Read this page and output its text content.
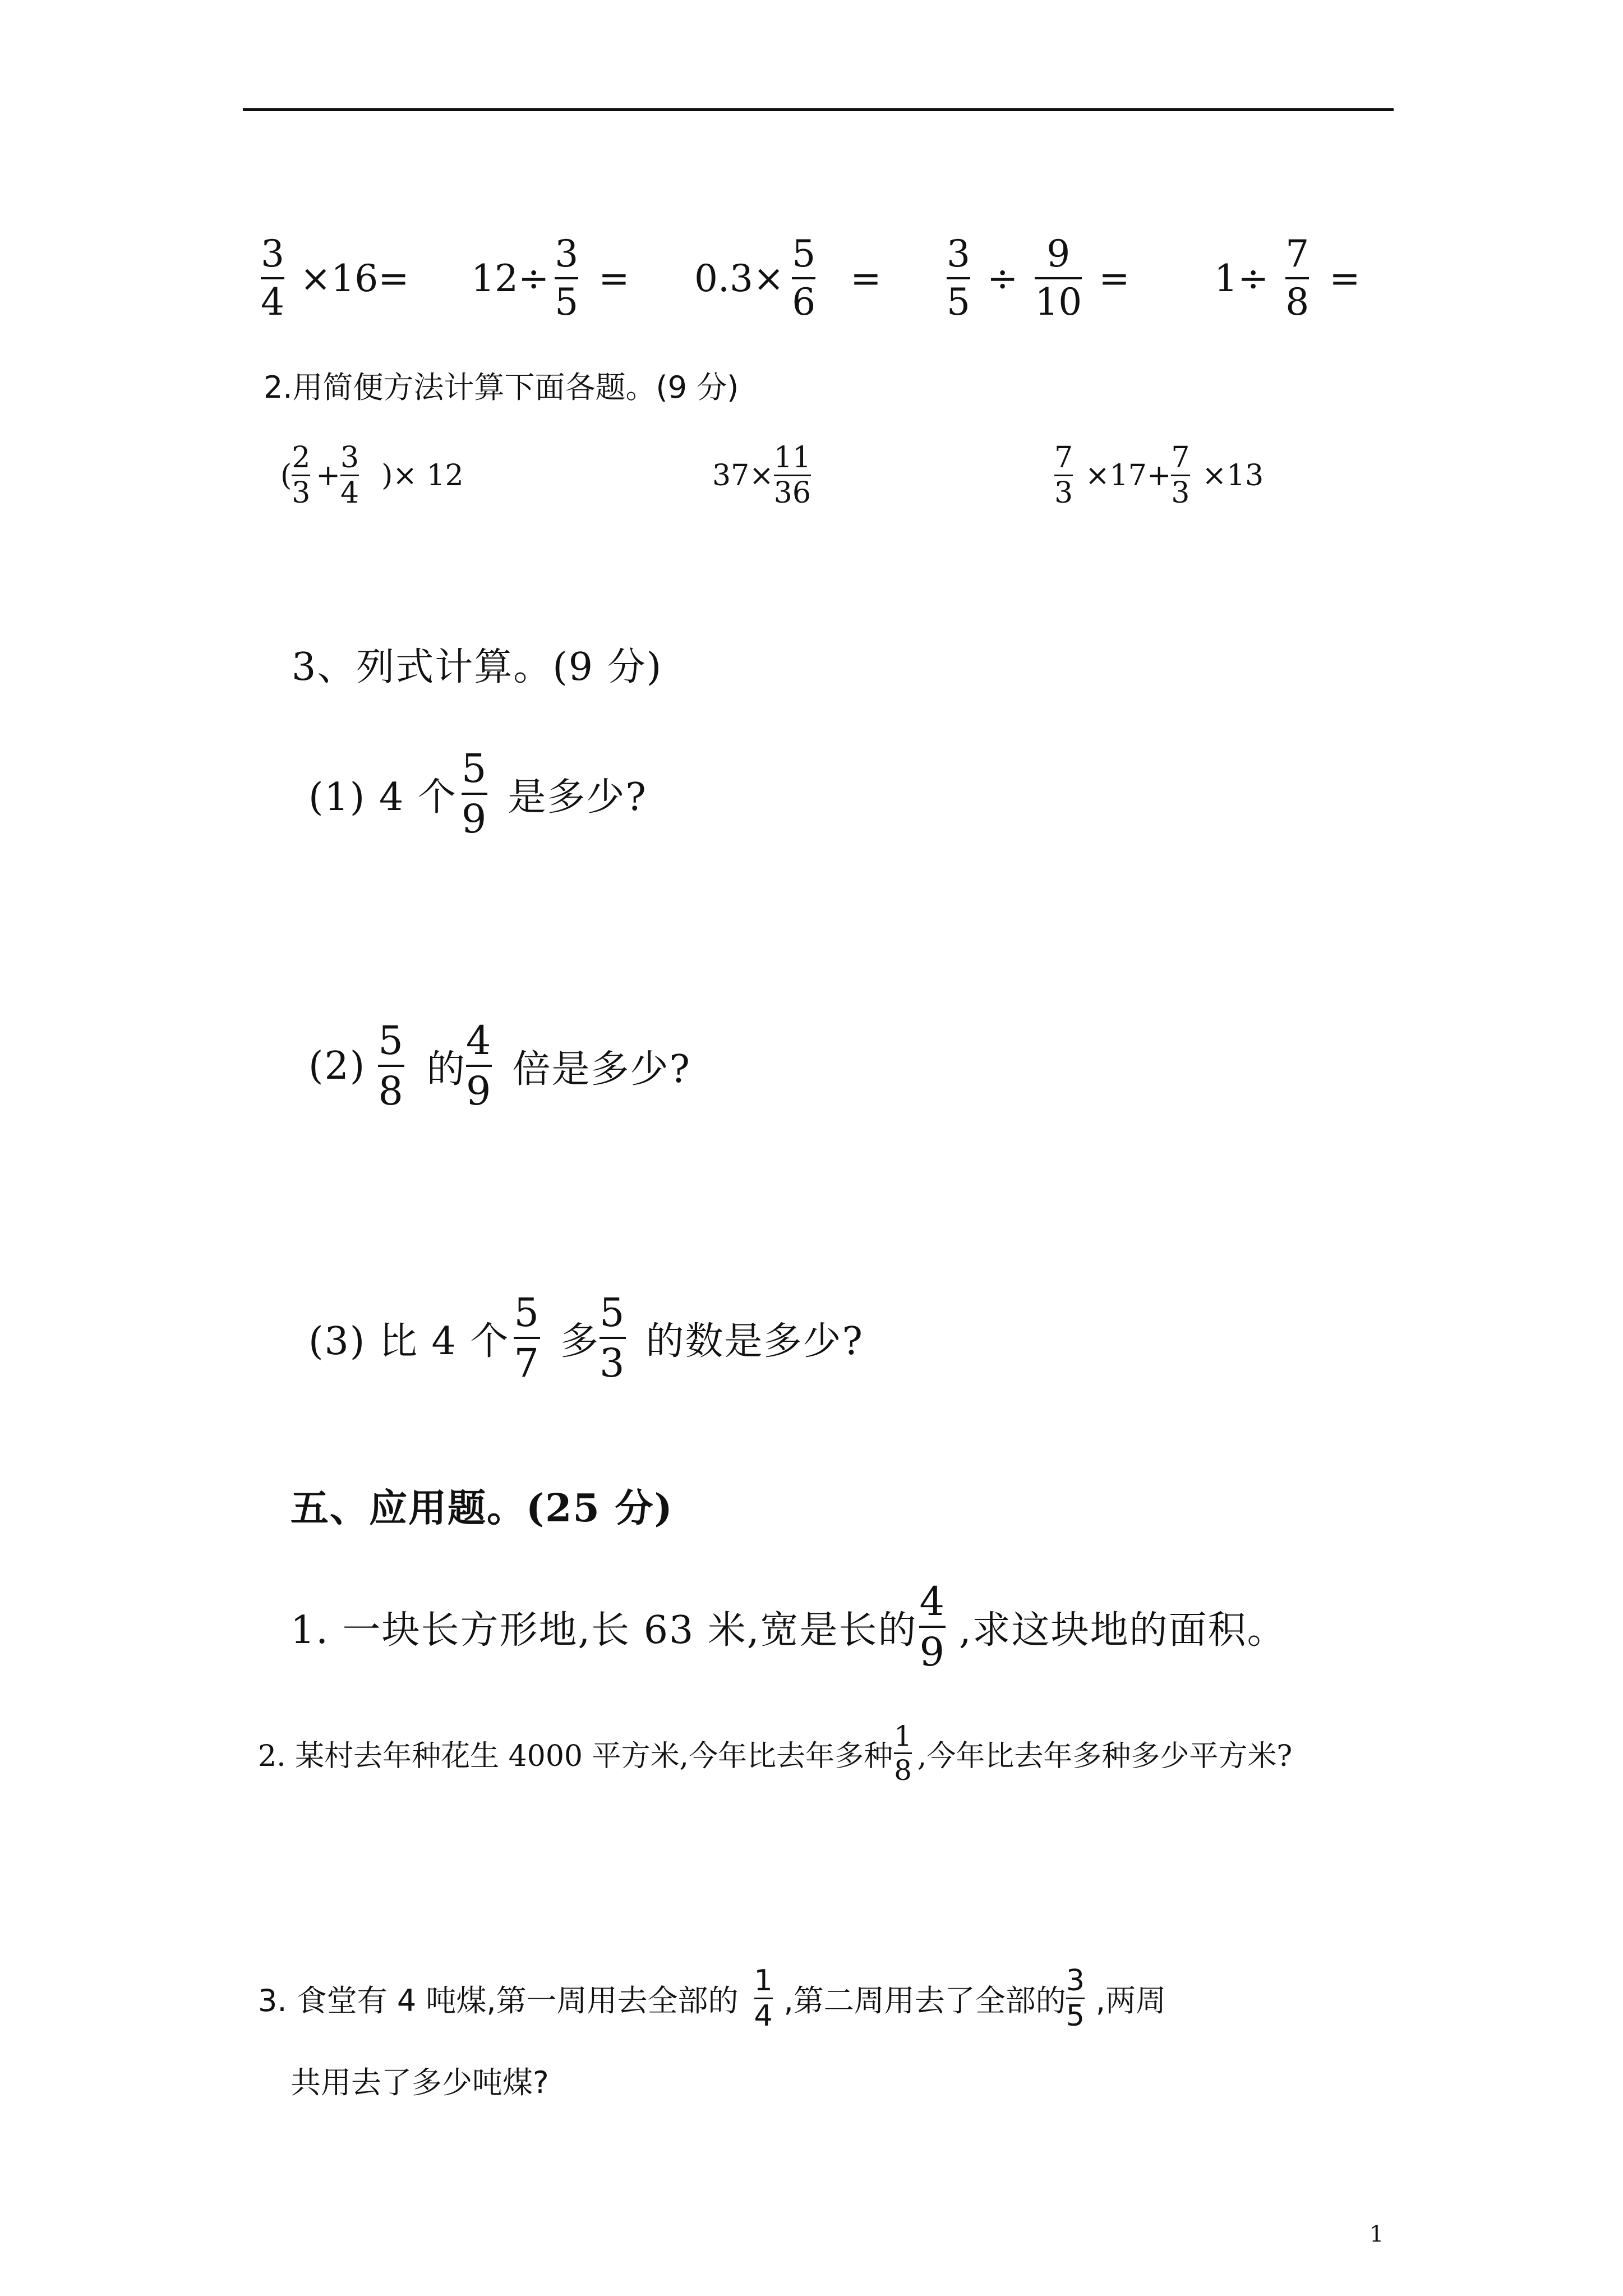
$\frac{3}{4} \times 16= 12\div \frac{3}{5} = 0.3\times \frac{5}{6} = \frac{3}{5} \div \frac{9}{10} = 1\div \frac{7}{8}$ =
2.用简便方法计算下面各题。(9 分)
( $\frac{2}{3} + \frac{3}{4}$ )× 12	$37\times \frac{11}{36}$	$\frac{7}{3} \times 17+ \frac{7}{3} \times 13$
3、列式计算。(9 分)
(1) 4 个 $\frac{5}{9}$ 是多少?
$(2) \frac{5}{8}$ 的 $\frac{4}{9}$ 倍是多少?
(3) 比 4 个 $\frac{5}{7}$ 多 $\frac{5}{3}$ 的数是多少?
五、应用题。(25 分)
1. 一块长方形地,长 63 米,宽是长的 $\frac{4}{9}$ ,求这块地的面积。
2. 某村去年种花生 4000 平方米,今年比去年多种 $\frac{1}{8}$ ,今年比去年多种多少平方米?
3. 食堂有 4 吨煤,第一周用去全部的 $\frac{1}{4}$ ,第二周用去了全部的 $\frac{3}{5}$ ,两周
共用去了多少吨煤?
1
